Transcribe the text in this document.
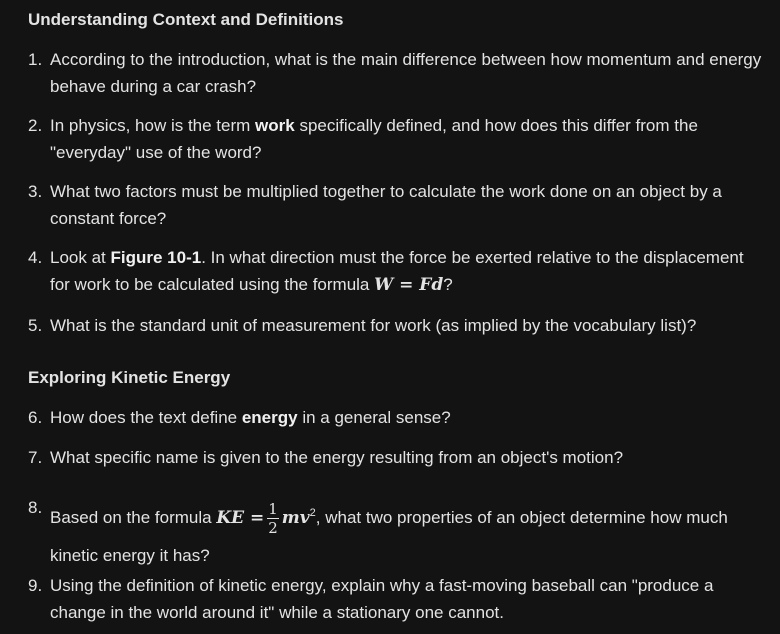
Understanding Context and Definitions
1. According to the introduction, what is the main difference between how momentum and energy behave during a car crash?
2. In physics, how is the term work specifically defined, and how does this differ from the "everyday" use of the word?
3. What two factors must be multiplied together to calculate the work done on an object by a constant force?
4. Look at Figure 10-1. In what direction must the force be exerted relative to the displacement for work to be calculated using the formula W = Fd?
5. What is the standard unit of measurement for work (as implied by the vocabulary list)?
Exploring Kinetic Energy
6. How does the text define energy in a general sense?
7. What specific name is given to the energy resulting from an object's motion?
8.
Based on the formula KE = $\frac{1}{2} mv^2$, what two properties of an object determine how much kinetic energy it has?
9. Using the definition of kinetic energy, explain why a fast-moving baseball can "produce a change in the world around it" while a stationary one cannot.
